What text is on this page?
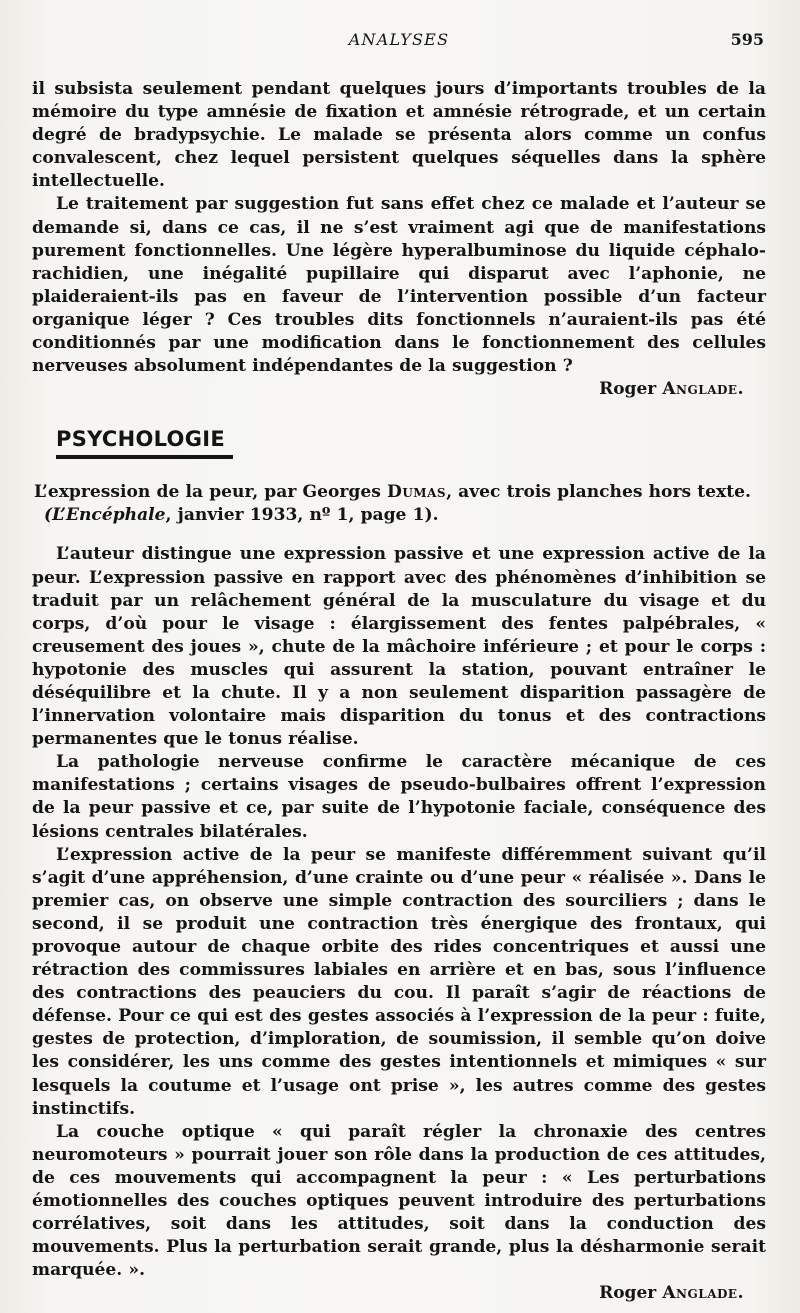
ANALYSES	595

il subsista seulement pendant quelques jours d’importants troubles de la mémoire du type amnésie de fixation et amnésie rétrograde, et un certain degré de bradypsychie. Le malade se présenta alors comme un confus convalescent, chez lequel persistent quelques séquelles dans la sphère intellectuelle.

Le traitement par suggestion fut sans effet chez ce malade et l’auteur se demande si, dans ce cas, il ne s’est vraiment agi que de manifestations purement fonctionnelles. Une légère hyperalbuminose du liquide céphalo-rachidien, une inégalité pupillaire qui disparut avec l’aphonie, ne plaideraient-ils pas en faveur de l’intervention possible d’un facteur organique léger ? Ces troubles dits fonctionnels n’auraient-ils pas été conditionnés par une modification dans le fonctionnement des cellules nerveuses absolument indépendantes de la suggestion ?

Roger Anglade.

PSYCHOLOGIE

L’expression de la peur, par Georges Dumas, avec trois planches hors texte.
(L’Encéphale, janvier 1933, nº 1, page 1).

L’auteur distingue une expression passive et une expression active de la peur. L’expression passive en rapport avec des phénomènes d’inhibition se traduit par un relâchement général de la musculature du visage et du corps, d’où pour le visage : élargissement des fentes palpébrales, « creusement des joues », chute de la mâchoire inférieure ; et pour le corps : hypotonie des muscles qui assurent la station, pouvant entraîner le déséquilibre et la chute. Il y a non seulement disparition passagère de l’innervation volontaire mais disparition du tonus et des contractions permanentes que le tonus réalise.

La pathologie nerveuse confirme le caractère mécanique de ces manifestations ; certains visages de pseudo-bulbaires offrent l’expression de la peur passive et ce, par suite de l’hypotonie faciale, conséquence des lésions centrales bilatérales.

L’expression active de la peur se manifeste différemment suivant qu’il s’agit d’une appréhension, d’une crainte ou d’une peur « réalisée ». Dans le premier cas, on observe une simple contraction des sourciliers ; dans le second, il se produit une contraction très énergique des frontaux, qui provoque autour de chaque orbite des rides concentriques et aussi une rétraction des commissures labiales en arrière et en bas, sous l’influence des contractions des peauciers du cou. Il paraît s’agir de réactions de défense. Pour ce qui est des gestes associés à l’expression de la peur : fuite, gestes de protection, d’imploration, de soumission, il semble qu’on doive les considérer, les uns comme des gestes intentionnels et mimiques « sur lesquels la coutume et l’usage ont prise », les autres comme des gestes instinctifs.

La couche optique « qui paraît régler la chronaxie des centres neuromoteurs » pourrait jouer son rôle dans la production de ces attitudes, de ces mouvements qui accompagnent la peur : « Les perturbations émotionnelles des couches optiques peuvent introduire des perturbations corrélatives, soit dans les attitudes, soit dans la conduction des mouvements. Plus la perturbation serait grande, plus la désharmonie serait marquée. ».

Roger Anglade.
